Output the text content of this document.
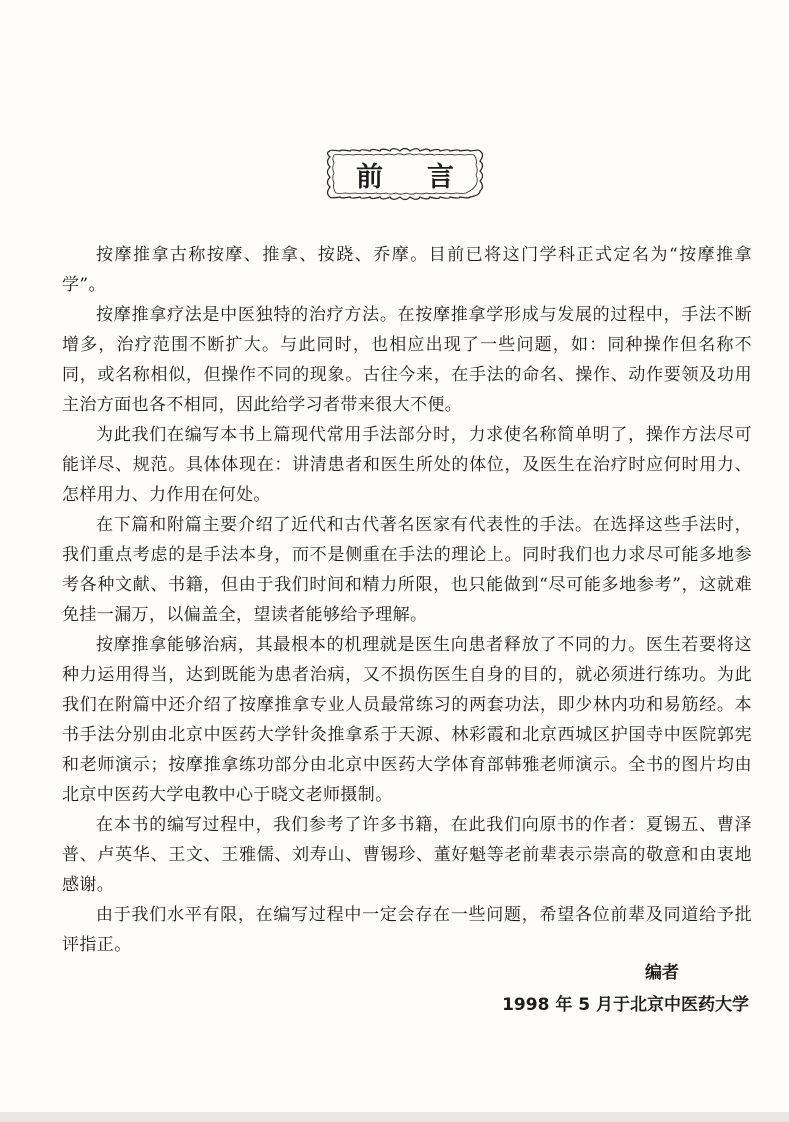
前 言

按摩推拿古称按摩、推拿、按跷、乔摩。目前已将这门学科正式定名为“按摩推拿学”。

按摩推拿疗法是中医独特的治疗方法。在按摩推拿学形成与发展的过程中，手法不断增多，治疗范围不断扩大。与此同时，也相应出现了一些问题，如：同种操作但名称不同，或名称相似，但操作不同的现象。古往今来，在手法的命名、操作、动作要领及功用主治方面也各不相同，因此给学习者带来很大不便。

为此我们在编写本书上篇现代常用手法部分时，力求使名称简单明了，操作方法尽可能详尽、规范。具体体现在：讲清患者和医生所处的体位，及医生在治疗时应何时用力、怎样用力、力作用在何处。

在下篇和附篇主要介绍了近代和古代著名医家有代表性的手法。在选择这些手法时，我们重点考虑的是手法本身，而不是侧重在手法的理论上。同时我们也力求尽可能多地参考各种文献、书籍，但由于我们时间和精力所限，也只能做到“尽可能多地参考”，这就难免挂一漏万，以偏盖全，望读者能够给予理解。

按摩推拿能够治病，其最根本的机理就是医生向患者释放了不同的力。医生若要将这种力运用得当，达到既能为患者治病，又不损伤医生自身的目的，就必须进行练功。为此我们在附篇中还介绍了按摩推拿专业人员最常练习的两套功法，即少林内功和易筋经。本书手法分别由北京中医药大学针灸推拿系于天源、林彩霞和北京西城区护国寺中医院郭宪和老师演示；按摩推拿练功部分由北京中医药大学体育部韩雅老师演示。全书的图片均由北京中医药大学电教中心于晓文老师摄制。

在本书的编写过程中，我们参考了许多书籍，在此我们向原书的作者：夏锡五、曹泽普、卢英华、王文、王雅儒、刘寿山、曹锡珍、董好魁等老前辈表示崇高的敬意和由衷地感谢。

由于我们水平有限，在编写过程中一定会存在一些问题，希望各位前辈及同道给予批评指正。

编者
1998 年 5 月于北京中医药大学
